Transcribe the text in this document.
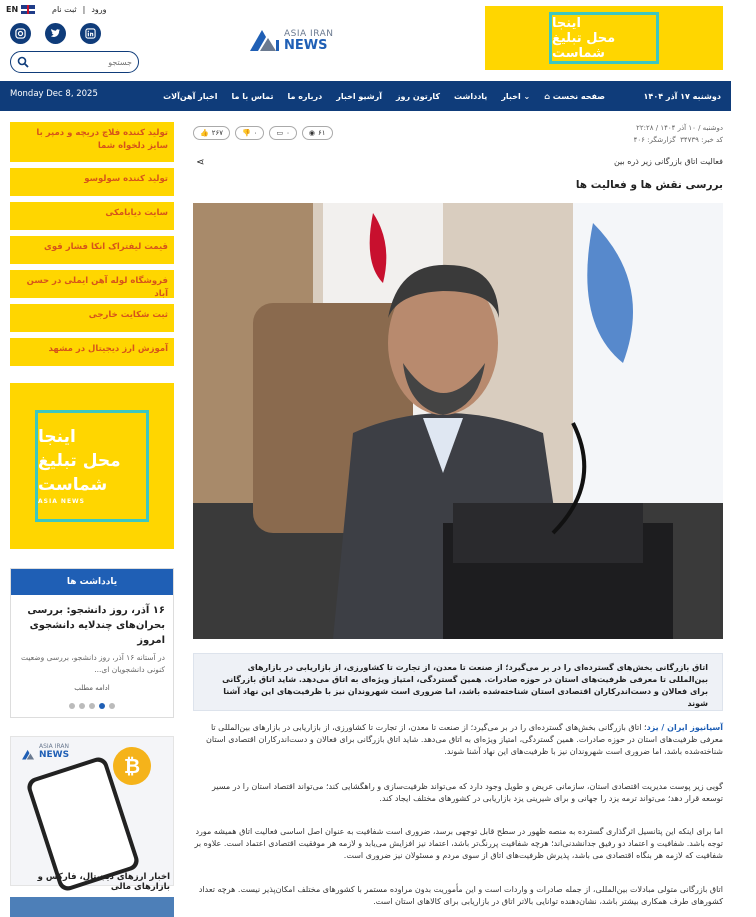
EN	ثبت نام | ورود
جستجو
ASIA IRAN
NEWS
اینجا
محل تبلیغ
شماست
Monday Dec 8, 2025	⌂ صفحه نخست
اخبار ⌄
یادداشت
کارتون روز
آرشیو اخبار
درباره ما
تماس با ما
اخبار آهن‌آلات	دوشنبه ۱۷ آذر ۱۴۰۴
تولید کننده فلاچ دریچه و دمپر با سایز دلخواه شما
تولید کننده سولوسو
سایت دیابامکی
قیمت لیفتراک انکا فشار قوی
فروشگاه لوله آهن ایملی در حسن آباد
ثبت شکایت خارجی
آموزش ارز دیجیتال در مشهد
اینجا
محل تبلیغ
شماست
ASIA NEWS
یادداشت ها
۱۶ آذر، روز دانشجو: بررسی بحران‌های چندلایه دانشجوی امروز
در آستانه ۱۶ آذر، روز دانشجو، بررسی وضعیت کنونی دانشجویان ای...
ادامه مطلب
ASIA IRAN
NEWS	₿
اخبار ارزهای دیجیتال، فارکس و بازارهای مالی
دوشنبه / ۱۰ آذر ۱۴۰۴ / ۲۲:۲۸
کد خبر: ۳۴۷۳۹  گزارشگر: ۴۰۶
👍 ۲۶۷	👎 ۰	▭ ۰	◉ ۶۱
فعالیت اتاق بازرگانی زیر ذره بین
⋖
بررسی نقش ها و فعالیت ها
اتاق بازرگانی بخش‌های گسترده‌ای را در بر می‌گیرد؛ از صنعت تا معدن، از تجارت تا کشاورزی، از بازاریابی در بازارهای بین‌المللی تا معرفی ظرفیت‌های استان در حوزه صادرات. همین گستردگی، امتیاز ویژه‌ای به اتاق می‌دهد. شاید اتاق بازرگانی برای فعالان و دست‌اندرکاران اقتصادی استان شناخته‌شده باشد، اما ضروری است شهروندان نیز با ظرفیت‌های این نهاد آشنا شوند
آسیانیوز ایران / یزد؛ اتاق بازرگانی بخش‌های گسترده‌ای را در بر می‌گیرد؛ از صنعت تا معدن، از تجارت تا کشاورزی، از بازاریابی در بازارهای بین‌المللی تا معرفی ظرفیت‌های استان در حوزه صادرات. همین گستردگی، امتیاز ویژه‌ای به اتاق می‌دهد. شاید اتاق بازرگانی برای فعالان و دست‌اندرکاران اقتصادی استان شناخته‌شده باشد، اما ضروری است شهروندان نیز با ظرفیت‌های این نهاد آشنا شوند.
گویی زیر پوست مدیریت اقتصادی استان، سازمانی عریض و طویل وجود دارد که می‌تواند ظرفیت‌سازی و راهگشایی کند؛ می‌تواند اقتصاد استان را در مسیر توسعه قرار دهد؛ می‌تواند ترمه یزد را جهانی و برای شیرینی یزد بازاریابی در کشورهای مختلف ایجاد کند.
اما برای اینکه این پتانسیل اثرگذاری گسترده به منصه ظهور در سطح قابل توجهی برسد، ضروری است شفافیت به عنوان اصل اساسی فعالیت اتاق همیشه مورد توجه باشد. شفافیت و اعتماد دو رفیق جدانشدنی‌اند؛ هرچه شفافیت پررنگ‌تر باشد، اعتماد نیز افزایش می‌یابد و لازمه هر موفقیت اقتصادی اعتماد است. علاوه بر شفافیت که لازمه هر بنگاه اقتصادی می باشد، پذیرش ظرفیت‌های اتاق از سوی مردم و مسئولان نیز ضروری است.
اتاق بازرگانی متولی مبادلات بین‌المللی، از جمله صادرات و واردات است و این مأموریت بدون مراوده مستمر با کشورهای مختلف امکان‌پذیر نیست. هرچه تعداد کشورهای طرف همکاری بیشتر باشد، نشان‌دهنده توانایی بالاتر اتاق در بازاریابی برای کالاهای استان است.
